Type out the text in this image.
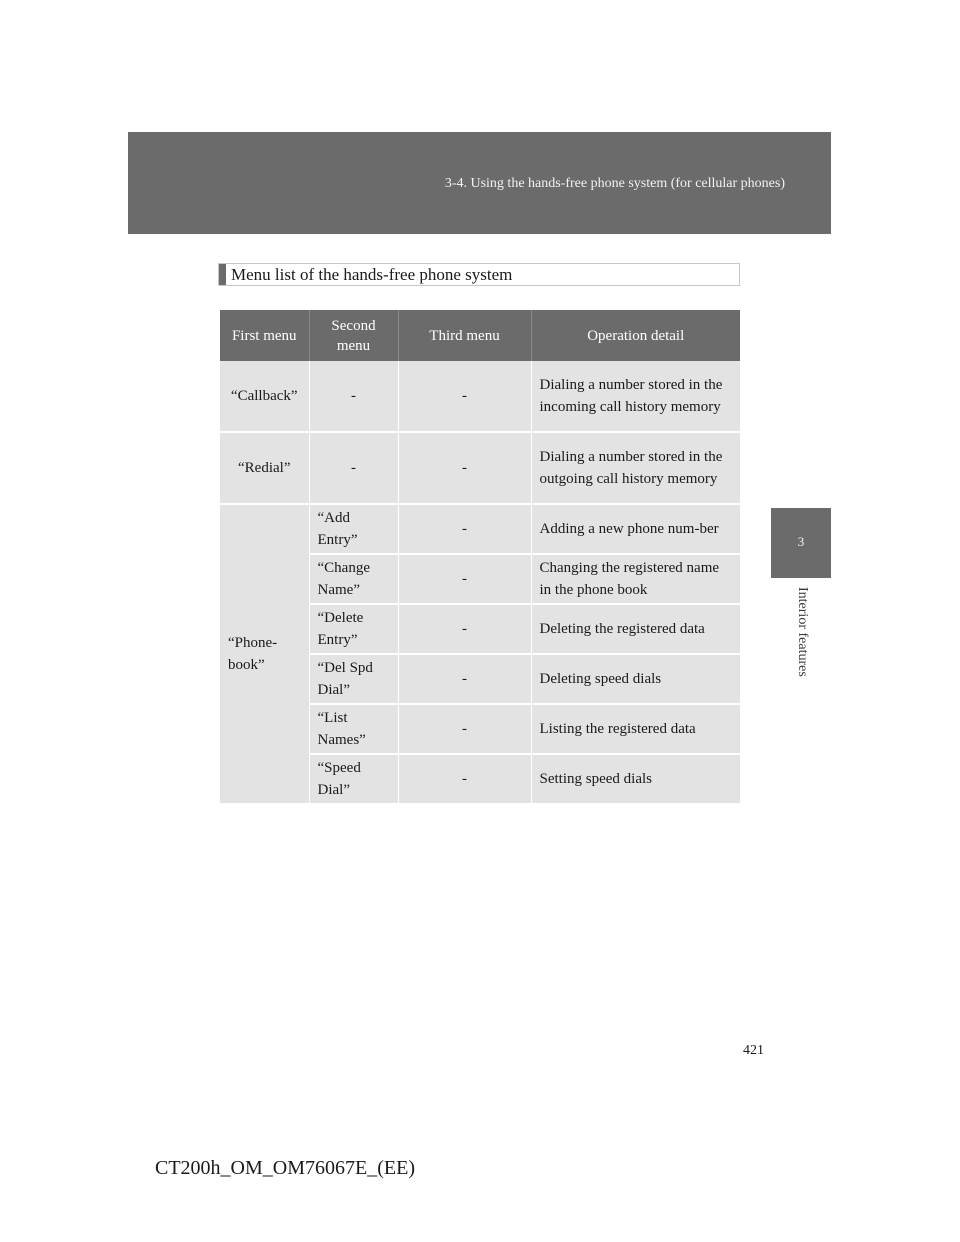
3-4. Using the hands-free phone system (for cellular phones)
3
Interior features
Menu list of the hands-free phone system
First menu	Second menu	Third menu	Operation detail
“Callback”	-	-	Dialing a number stored in the incoming call history memory
“Redial”	-	-	Dialing a number stored in the outgoing call history memory
“Phone-book”	“Add Entry”	-	Adding a new phone num-ber
	“Change Name”	-	Changing the registered name in the phone book
	“Delete Entry”	-	Deleting the registered data
	“Del Spd Dial”	-	Deleting speed dials
	“List Names”	-	Listing the registered data
	“Speed Dial”	-	Setting speed dials
421
CT200h_OM_OM76067E_(EE)
